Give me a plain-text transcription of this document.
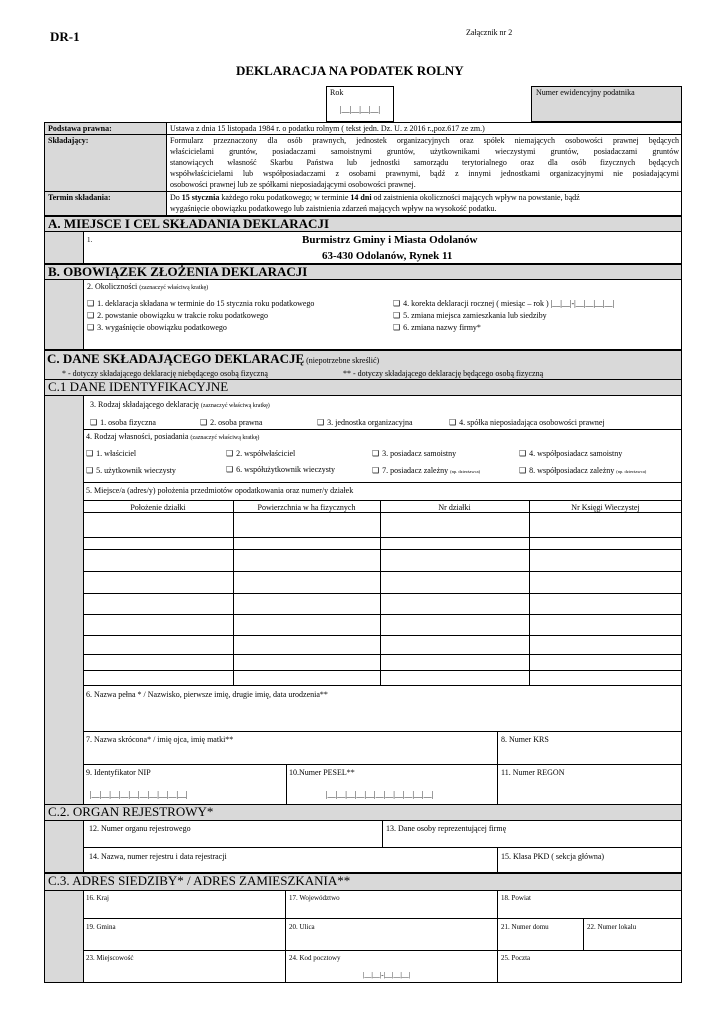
DR-1	Załącznik nr 2
DEKLARACJA NA PODATEK ROLNY
Rok
|__|__|__|__|
Numer ewidencyjny podatnika
Podstawa prawna:	Ustawa z dnia 15 listopada 1984 r. o podatku rolnym ( tekst jedn. Dz. U. z 2016 r.,poz.617 ze zm.)
Składający:	Formularz przeznaczony dla osób prawnych, jednostek organizacyjnych oraz spółek niemających osobowości prawnej będących
właścicielami gruntów, posiadaczami samoistnymi gruntów, użytkownikami wieczystymi gruntów, posiadaczami gruntów
stanowiących własność Skarbu Państwa lub jednostki samorządu terytorialnego oraz dla osób fizycznych będących
współwłaścicielami lub współposiadaczami z osobami prawnymi, bądź z innymi jednostkami organizacyjnymi nie posiadającymi
osobowości prawnej lub ze spółkami nieposiadającymi osobowości prawnej.
Termin składania:	Do 15 stycznia każdego roku podatkowego; w terminie 14 dni od zaistnienia okoliczności mających wpływ na powstanie, bądź
wygaśnięcie obowiązku podatkowego lub zaistnienia zdarzeń mających wpływ na wysokość podatku.
A. MIEJSCE I CEL SKŁADANIA DEKLARACJI
1.	Burmistrz Gminy i Miasta Odolanów
63-430 Odolanów, Rynek 11
B. OBOWIĄZEK ZŁOŻENIA DEKLARACJI
2. Okoliczności (zaznaczyć właściwą kratkę)
❑ 1. deklaracja składana w terminie do 15 stycznia roku podatkowego
❑ 2. powstanie obowiązku w trakcie roku podatkowego
❑ 3. wygaśnięcie obowiązku podatkowego
❑ 4. korekta deklaracji rocznej ( miesiąc – rok ) |__|__|-|__|__|__|__|
❑ 5. zmiana miejsca zamieszkania lub siedziby
❑ 6. zmiana nazwy firmy*
C. DANE SKŁADAJĄCEGO DEKLARACJĘ (niepotrzebne skreślić)
* - dotyczy składającego deklarację niebędącego osobą fizyczną	** - dotyczy składającego deklarację będącego osobą fizyczną
C.1 DANE IDENTYFIKACYJNE
3. Rodzaj składającego deklarację (zaznaczyć właściwą kratkę)
❑ 1. osoba fizyczna	❑ 2. osoba prawna	❑ 3. jednostka organizacyjna	❑ 4. spółka nieposiadająca osobowości prawnej
4. Rodzaj własności, posiadania (zaznaczyć właściwą kratkę)
❑ 1. właściciel	❑ 2. współwłaściciel	❑ 3. posiadacz samoistny	❑ 4. współposiadacz samoistny
❑ 5. użytkownik wieczysty	❑ 6. współużytkownik wieczysty	❑ 7. posiadacz zależny (np. dzierżawca)	❑ 8. współposiadacz zależny (np. dzierżawca)
5. Miejsce/a (adres/y) położenia przedmiotów opodatkowania oraz numer/y działek
Położenie działki	Powierzchnia w ha fizycznych	Nr działki	Nr Księgi Wieczystej
6. Nazwa pełna * / Nazwisko, pierwsze imię, drugie imię, data urodzenia**
7. Nazwa skrócona* / imię ojca, imię matki**	8. Numer KRS
9. Identyfikator NIP
|__|__|__|__|__|__|__|__|__|__|
10.Numer PESEL**
|__|__|__|__|__|__|__|__|__|__|__|
11. Numer REGON
C.2. ORGAN REJESTROWY*
12. Numer organu rejestrowego	13. Dane osoby reprezentującej firmę
14. Nazwa, numer rejestru i data rejestracji	15. Klasa PKD ( sekcja główna)
C.3. ADRES SIEDZIBY* / ADRES ZAMIESZKANIA**
16. Kraj	17. Województwo	18. Powiat
19. Gmina	20. Ulica	21. Numer domu	22. Numer lokalu
23. Miejscowość	24. Kod pocztowy
|__|__|-|__|__|__|
25. Poczta
